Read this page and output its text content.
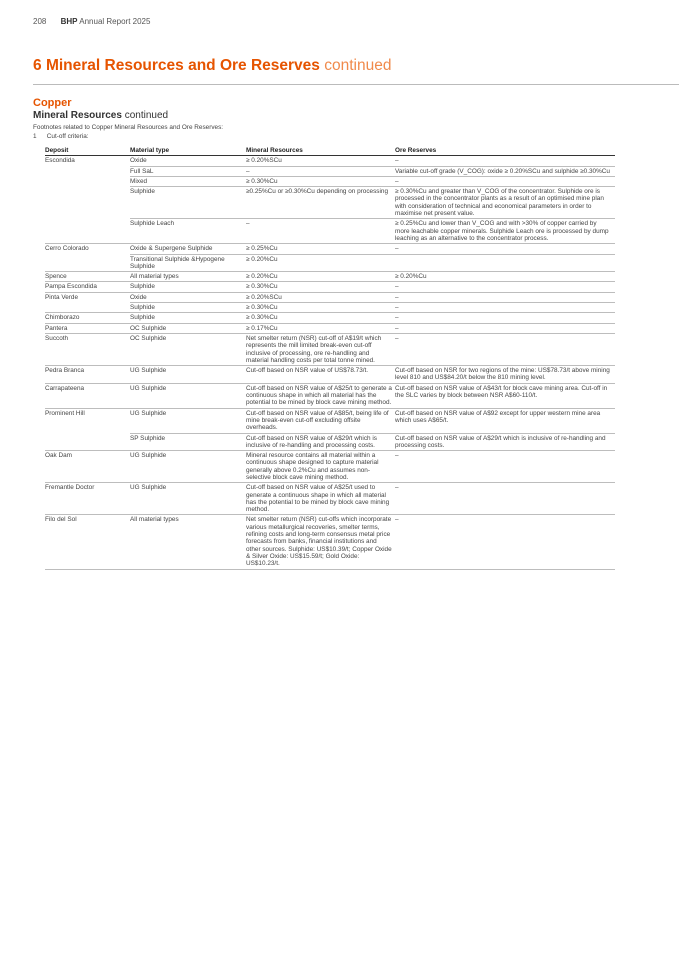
208 BHP Annual Report 2025
6 Mineral Resources and Ore Reserves continued
Copper
Mineral Resources continued
Footnotes related to Copper Mineral Resources and Ore Reserves:
1 Cut-off criteria:
Deposit	Material type	Mineral Resources	Ore Reserves
Escondida	Oxide	≥ 0.20%SCu	–
	Full SaL	–	Variable cut-off grade (V_COG): oxide ≥ 0.20%SCu and sulphide ≥0.30%Cu
	Mixed	≥ 0.30%Cu	–
	Sulphide	≥0.25%Cu or ≥0.30%Cu depending on processing	≥ 0.30%Cu and greater than V_COG of the concentrator. Sulphide ore is processed in the concentrator plants as a result of an optimised mine plan with consideration of technical and economical parameters in order to maximise net present value.
	Sulphide Leach	–	≥ 0.25%Cu and lower than V_COG and with >30% of copper carried by more leachable copper minerals. Sulphide Leach ore is processed by dump leaching as an alternative to the concentrator process.
Cerro Colorado	Oxide & Supergene Sulphide	≥ 0.25%Cu	–
	Transitional Sulphide &Hypogene Sulphide	≥ 0.20%Cu	
Spence	All material types	≥ 0.20%Cu	≥ 0.20%Cu
Pampa Escondida	Sulphide	≥ 0.30%Cu	–
Pinta Verde	Oxide	≥ 0.20%SCu	–
	Sulphide	≥ 0.30%Cu	–
Chimborazo	Sulphide	≥ 0.30%Cu	–
Pantera	OC Sulphide	≥ 0.17%Cu	–
Succoth	OC Sulphide	Net smelter return (NSR) cut-off of A$19/t which represents the mill limited break-even cut-off inclusive of processing, ore re-handling and material handling costs per total tonne mined.	–
Pedra Branca	UG Sulphide	Cut-off based on NSR value of US$78.73/t.	Cut-off based on NSR for two regions of the mine: US$78.73/t above mining level 810 and US$84.20/t below the 810 mining level.
Carrapateena	UG Sulphide	Cut-off based on NSR value of A$25/t to generate a continuous shape in which all material has the potential to be mined by block cave mining method.	Cut-off based on NSR value of A$43/t for block cave mining area. Cut-off in the SLC varies by block between NSR A$60-110/t.
Prominent Hill	UG Sulphide	Cut-off based on NSR value of A$85/t, being life of mine break-even cut-off excluding offsite overheads.	Cut-off based on NSR value of A$92 except for upper western mine area which uses A$65/t.
	SP Sulphide	Cut-off based on NSR value of A$29/t which is inclusive of re-handling and processing costs.	Cut-off based on NSR value of A$29/t which is inclusive of re-handling and processing costs.
Oak Dam	UG Sulphide	Mineral resource contains all material within a continuous shape designed to capture material generally above 0.2%Cu and assumes non-selective block cave mining method.	–
Fremantle Doctor	UG Sulphide	Cut-off based on NSR value of A$25/t used to generate a continuous shape in which all material has the potential to be mined by block cave mining method.	–
Filo del Sol	All material types	Net smelter return (NSR) cut-offs which incorporate various metallurgical recoveries, smelter terms, refining costs and long-term consensus metal price forecasts from banks, financial institutions and other sources. Sulphide: US$10.39/t; Copper Oxide & Silver Oxide: US$15.59/t; Gold Oxide: US$10.23/t.	–
